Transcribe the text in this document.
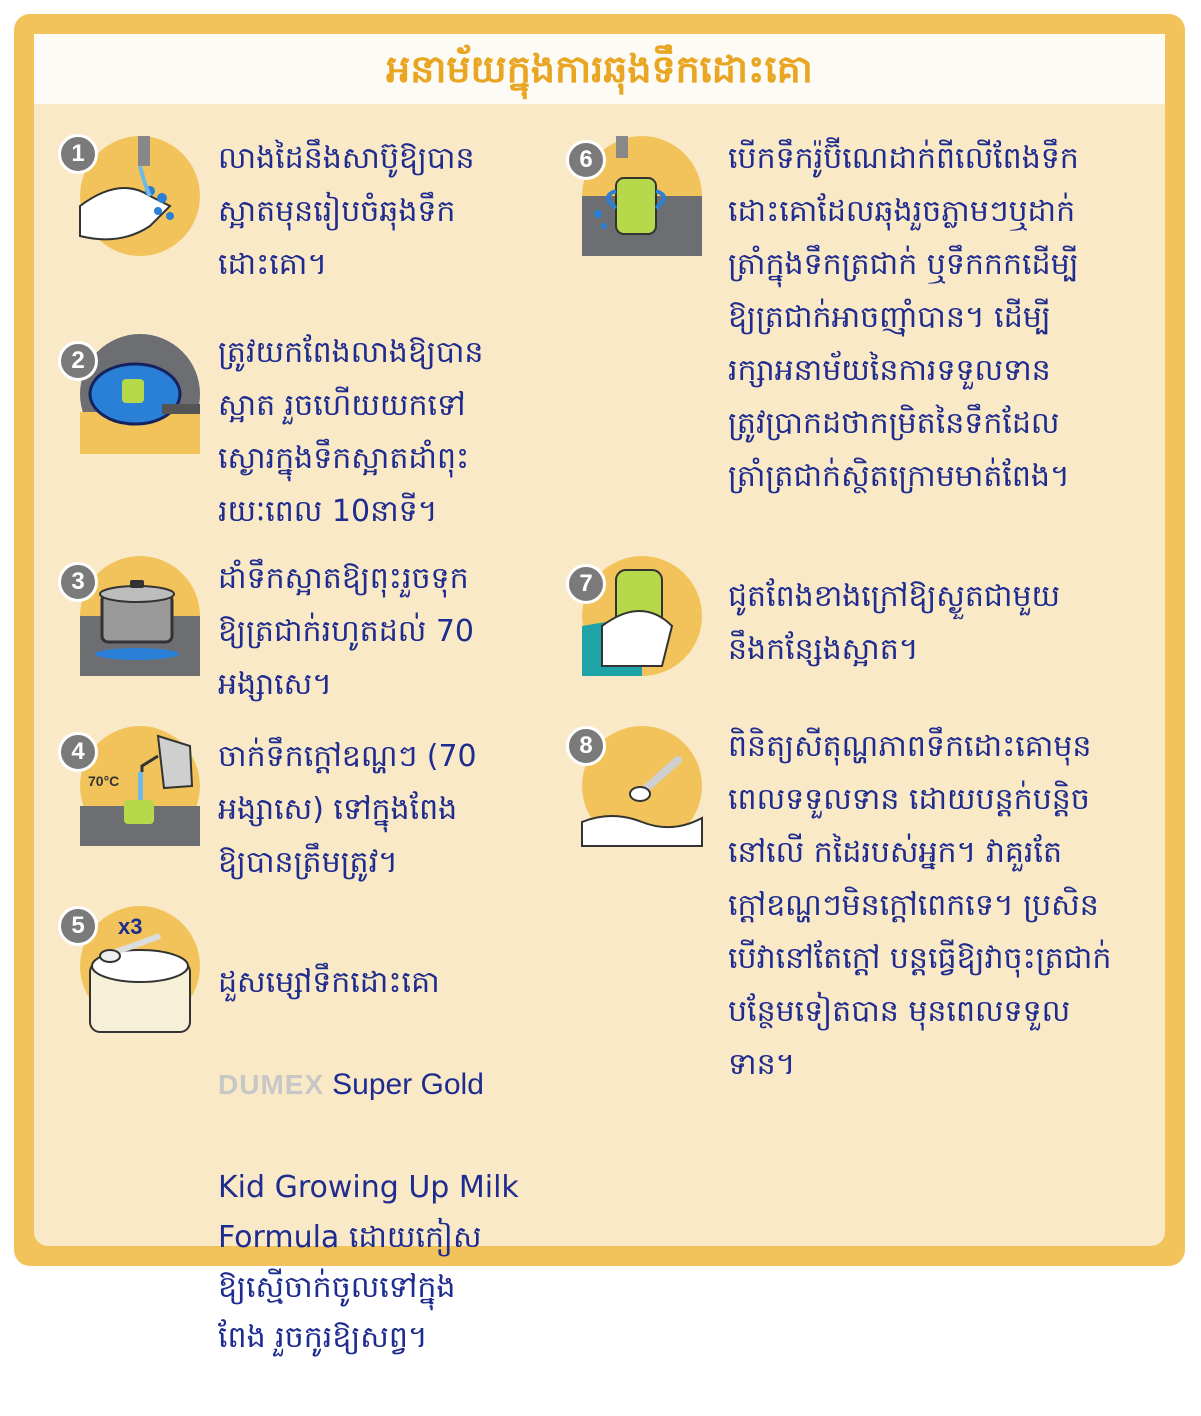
អនាម័យក្នុងការឆុងទឹកដោះគោ
1	លាងដៃនឹងសាប៊ូឱ្យបាន
ស្អាតមុនរៀបចំឆុងទឹក
ដោះគោ។
2	ត្រូវយកពែងលាងឱ្យបាន
ស្អាត រួចហើយយកទៅ
ស្ងោរក្នុងទឹកស្អាតដាំពុះ
រយៈពេល 10នាទី។
3	ដាំទឹកស្អាតឱ្យពុះរួចទុក
ឱ្យត្រជាក់រហូតដល់ 70
អង្សាសេ។
70°C
4	ចាក់ទឹកក្តៅឧណ្ហៗ (70
អង្សាសេ) ទៅក្នុងពែង
ឱ្យបានត្រឹមត្រូវ។
x3
5

ដួសម្សៅទឹកដោះគោ

DUMEX Super Gold

Kid Growing Up Milk
Formula ដោយកៀស
ឱ្យស្មើចាក់ចូលទៅក្នុង
ពែង រួចកូរឱ្យសព្វ។

6	បើកទឹករ៉ូប៊ីណេដាក់ពីលើពែងទឹក
ដោះគោដែលឆុងរួចភ្លាមៗឬដាក់
ត្រាំក្នុងទឹកត្រជាក់ ឬទឹកកកដើម្បី
ឱ្យត្រជាក់អាចញ៉ាំបាន។ ដើម្បី
រក្សាអនាម័យនៃការទទួលទាន
ត្រូវប្រាកដថាកម្រិតនៃទឹកដែល
ត្រាំត្រជាក់ស្ថិតក្រោមមាត់ពែង។
7	ជូតពែងខាងក្រៅឱ្យស្ងួតជាមួយ
នឹងកន្សែងស្អាត។
8	ពិនិត្យសីតុណ្ហភាពទឹកដោះគោមុន
ពេលទទួលទាន ដោយបន្តក់បន្តិច
នៅលើ កដៃរបស់អ្នក។ វាគួរតែ
ក្តៅឧណ្ហៗមិនក្តៅពេកទេ។ ប្រសិន
បើវានៅតែក្តៅ បន្តធ្វើឱ្យវាចុះត្រជាក់
បន្ថែមទៀតបាន មុនពេលទទួល
ទាន។
